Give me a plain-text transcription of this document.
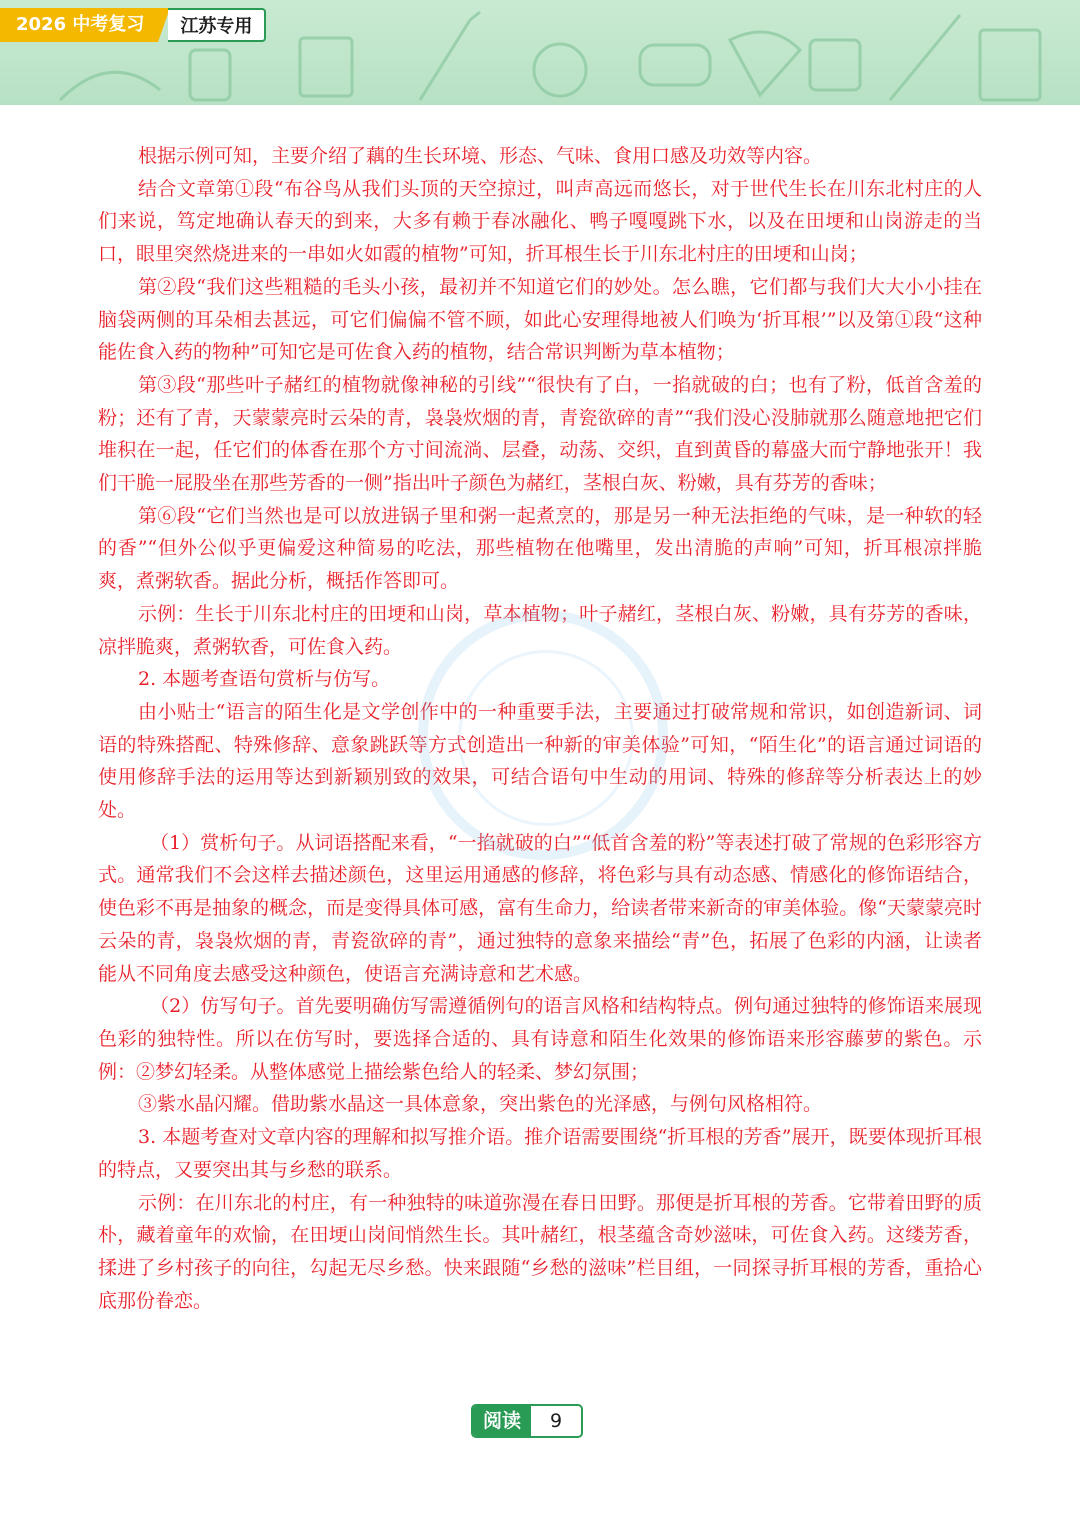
2026 中考复习	江苏专用

根据示例可知，主要介绍了藕的生长环境、形态、气味、食用口感及功效等内容。

结合文章第①段“布谷鸟从我们头顶的天空掠过，叫声高远而悠长，对于世代生长在川东北村庄的人们来说，笃定地确认春天的到来，大多有赖于春冰融化、鸭子嘎嘎跳下水，以及在田埂和山岗游走的当口，眼里突然烧进来的一串如火如霞的植物”可知，折耳根生长于川东北村庄的田埂和山岗；

第②段“我们这些粗糙的毛头小孩，最初并不知道它们的妙处。怎么瞧，它们都与我们大大小小挂在脑袋两侧的耳朵相去甚远，可它们偏偏不管不顾，如此心安理得地被人们唤为‘折耳根’”以及第①段“这种能佐食入药的物种”可知它是可佐食入药的植物，结合常识判断为草本植物；

第③段“那些叶子赭红的植物就像神秘的引线”“很快有了白，一掐就破的白；也有了粉，低首含羞的粉；还有了青，天蒙蒙亮时云朵的青，袅袅炊烟的青，青瓷欲碎的青”“我们没心没肺就那么随意地把它们堆积在一起，任它们的体香在那个方寸间流淌、层叠，动荡、交织，直到黄昏的幕盛大而宁静地张开！我们干脆一屁股坐在那些芳香的一侧”指出叶子颜色为赭红，茎根白灰、粉嫩，具有芬芳的香味；

第⑥段“它们当然也是可以放进锅子里和粥一起煮烹的，那是另一种无法拒绝的气味，是一种软的轻的香”“但外公似乎更偏爱这种简易的吃法，那些植物在他嘴里，发出清脆的声响”可知，折耳根凉拌脆爽，煮粥软香。据此分析，概括作答即可。

示例：生长于川东北村庄的田埂和山岗，草本植物；叶子赭红，茎根白灰、粉嫩，具有芬芳的香味，凉拌脆爽，煮粥软香，可佐食入药。

2. 本题考查语句赏析与仿写。

由小贴士“语言的陌生化是文学创作中的一种重要手法，主要通过打破常规和常识，如创造新词、词语的特殊搭配、特殊修辞、意象跳跃等方式创造出一种新的审美体验”可知，“陌生化”的语言通过词语的使用修辞手法的运用等达到新颖别致的效果，可结合语句中生动的用词、特殊的修辞等分析表达上的妙处。

（1）赏析句子。从词语搭配来看，“一掐就破的白”“低首含羞的粉”等表述打破了常规的色彩形容方式。通常我们不会这样去描述颜色，这里运用通感的修辞，将色彩与具有动态感、情感化的修饰语结合，使色彩不再是抽象的概念，而是变得具体可感，富有生命力，给读者带来新奇的审美体验。像“天蒙蒙亮时云朵的青，袅袅炊烟的青，青瓷欲碎的青”，通过独特的意象来描绘“青”色，拓展了色彩的内涵，让读者能从不同角度去感受这种颜色，使语言充满诗意和艺术感。

（2）仿写句子。首先要明确仿写需遵循例句的语言风格和结构特点。例句通过独特的修饰语来展现色彩的独特性。所以在仿写时，要选择合适的、具有诗意和陌生化效果的修饰语来形容藤萝的紫色。示例：②梦幻轻柔。从整体感觉上描绘紫色给人的轻柔、梦幻氛围；

③紫水晶闪耀。借助紫水晶这一具体意象，突出紫色的光泽感，与例句风格相符。

3. 本题考查对文章内容的理解和拟写推介语。推介语需要围绕“折耳根的芳香”展开，既要体现折耳根的特点，又要突出其与乡愁的联系。

示例：在川东北的村庄，有一种独特的味道弥漫在春日田野。那便是折耳根的芳香。它带着田野的质朴，藏着童年的欢愉，在田埂山岗间悄然生长。其叶赭红，根茎蕴含奇妙滋味，可佐食入药。这缕芳香，揉进了乡村孩子的向往，勾起无尽乡愁。快来跟随“乡愁的滋味”栏目组，一同探寻折耳根的芳香，重拾心底那份眷恋。

阅读	9
